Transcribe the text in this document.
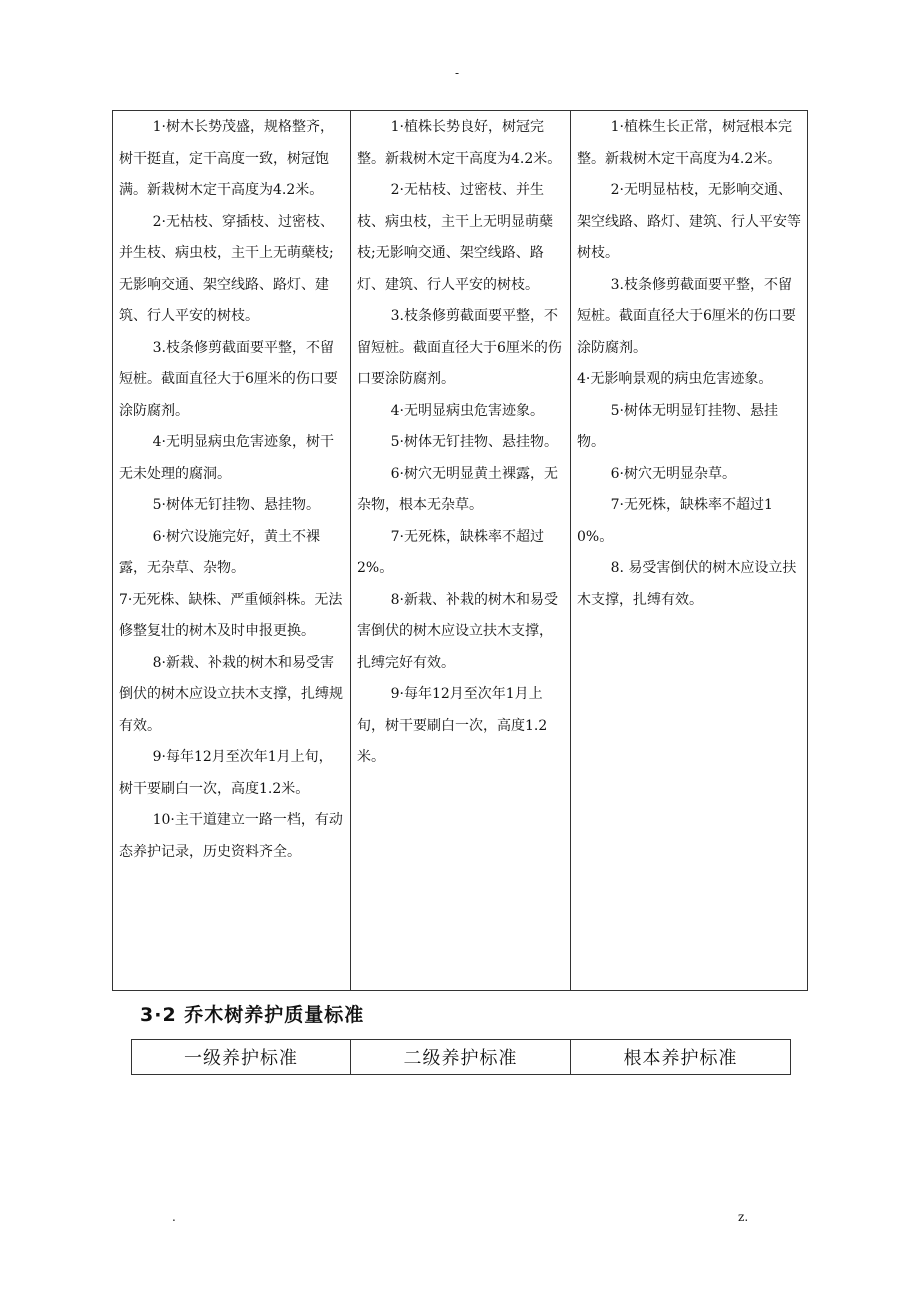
-
1·树木长势茂盛，规格整齐，树干挺直，定干高度一致，树冠饱满。新栽树木定干高度为4.2米。
2·无枯枝、穿插枝、过密枝、并生枝、病虫枝，主干上无萌蘖枝;无影响交通、架空线路、路灯、建筑、行人平安的树枝。
3.枝条修剪截面要平整，不留短桩。截面直径大于6厘米的伤口要涂防腐剂。
4·无明显病虫危害迹象，树干无未处理的腐洞。
5·树体无钉挂物、悬挂物。
6·树穴设施完好，黄土不裸露，无杂草、杂物。
7·无死株、缺株、严重倾斜株。无法修整复壮的树木及时申报更换。
8·新栽、补栽的树木和易受害倒伏的树木应设立扶木支撑，扎缚规有效。
9·每年12月至次年1月上旬，树干要刷白一次，高度1.2米。
10·主干道建立一路一档，有动态养护记录，历史资料齐全。

1·植株长势良好，树冠完整。新栽树木定干高度为4.2米。
2·无枯枝、过密枝、并生枝、病虫枝，主干上无明显萌蘖枝;无影响交通、架空线路、路灯、建筑、行人平安的树枝。
3.枝条修剪截面要平整，不留短桩。截面直径大于6厘米的伤口要涂防腐剂。
4·无明显病虫危害迹象。
5·树体无钉挂物、悬挂物。
6·树穴无明显黄土裸露，无杂物，根本无杂草。
7·无死株，缺株率不超过2%。
8·新栽、补栽的树木和易受害倒伏的树木应设立扶木支撑，扎缚完好有效。
9·每年12月至次年1月上旬，树干要刷白一次，高度1.2米。

1·植株生长正常，树冠根本完整。新栽树木定干高度为4.2米。
2·无明显枯枝，无影响交通、架空线路、路灯、建筑、行人平安等树枝。
3.枝条修剪截面要平整，不留短桩。截面直径大于6厘米的伤口要涂防腐剂。
4·无影响景观的病虫危害迹象。
5·树体无明显钉挂物、悬挂物。
6·树穴无明显杂草。
7·无死株，缺株率不超过10%。
8. 易受害倒伏的树木应设立扶木支撑，扎缚有效。
3·2 乔木树养护质量标准
一级养护标准	二级养护标准	根本养护标准
.	z.
